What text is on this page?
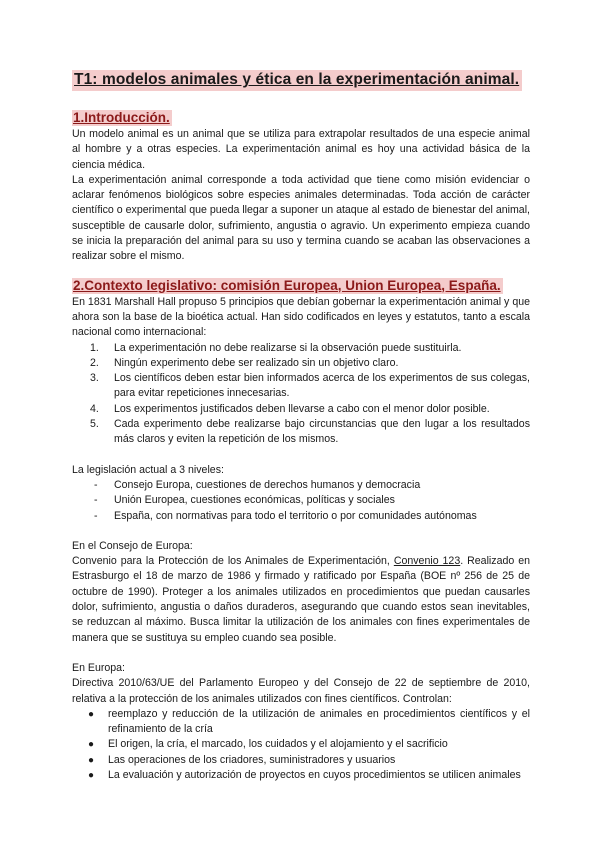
T1: modelos animales y ética en la experimentación animal.
1.Introducción.

Un modelo animal es un animal que se utiliza para extrapolar resultados de una especie animal al hombre y a otras especies. La experimentación animal es hoy una actividad básica de la ciencia médica.

La experimentación animal corresponde a toda actividad que tiene como misión evidenciar o aclarar fenómenos biológicos sobre especies animales determinadas. Toda acción de carácter científico o experimental que pueda llegar a suponer un ataque al estado de bienestar del animal, susceptible de causarle dolor, sufrimiento, angustia o agravio. Un experimento empieza cuando se inicia la preparación del animal para su uso y termina cuando se acaban las observaciones a realizar sobre el mismo.

2.Contexto legislativo: comisión Europea, Union Europea, España.

En 1831 Marshall Hall propuso 5 principios que debían gobernar la experimentación animal y que ahora son la base de la bioética actual. Han sido codificados en leyes y estatutos, tanto a escala nacional como internacional:

1. La experimentación no debe realizarse si la observación puede sustituirla.
2. Ningún experimento debe ser realizado sin un objetivo claro.
3. Los científicos deben estar bien informados acerca de los experimentos de sus colegas, para evitar repeticiones innecesarias.
4. Los experimentos justificados deben llevarse a cabo con el menor dolor posible.
5. Cada experimento debe realizarse bajo circunstancias que den lugar a los resultados más claros y eviten la repetición de los mismos.

La legislación actual a 3 niveles:

- Consejo Europa, cuestiones de derechos humanos y democracia
- Unión Europea, cuestiones económicas, políticas y sociales
- España, con normativas para todo el territorio o por comunidades autónomas

En el Consejo de Europa:

Convenio para la Protección de los Animales de Experimentación, Convenio 123. Realizado en Estrasburgo el 18 de marzo de 1986 y firmado y ratificado por España (BOE nº 256 de 25 de octubre de 1990). Proteger a los animales utilizados en procedimientos que puedan causarles dolor, sufrimiento, angustia o daños duraderos, asegurando que cuando estos sean inevitables, se reduzcan al máximo. Busca limitar la utilización de los animales con fines experimentales de manera que se sustituya su empleo cuando sea posible.

En Europa:

Directiva 2010/63/UE del Parlamento Europeo y del Consejo de 22 de septiembre de 2010, relativa a la protección de los animales utilizados con fines científicos. Controlan:

● reemplazo y reducción de la utilización de animales en procedimientos científicos y el refinamiento de la cría
● El origen, la cría, el marcado, los cuidados y el alojamiento y el sacrificio
● Las operaciones de los criadores, suministradores y usuarios
● La evaluación y autorización de proyectos en cuyos procedimientos se utilicen animales
